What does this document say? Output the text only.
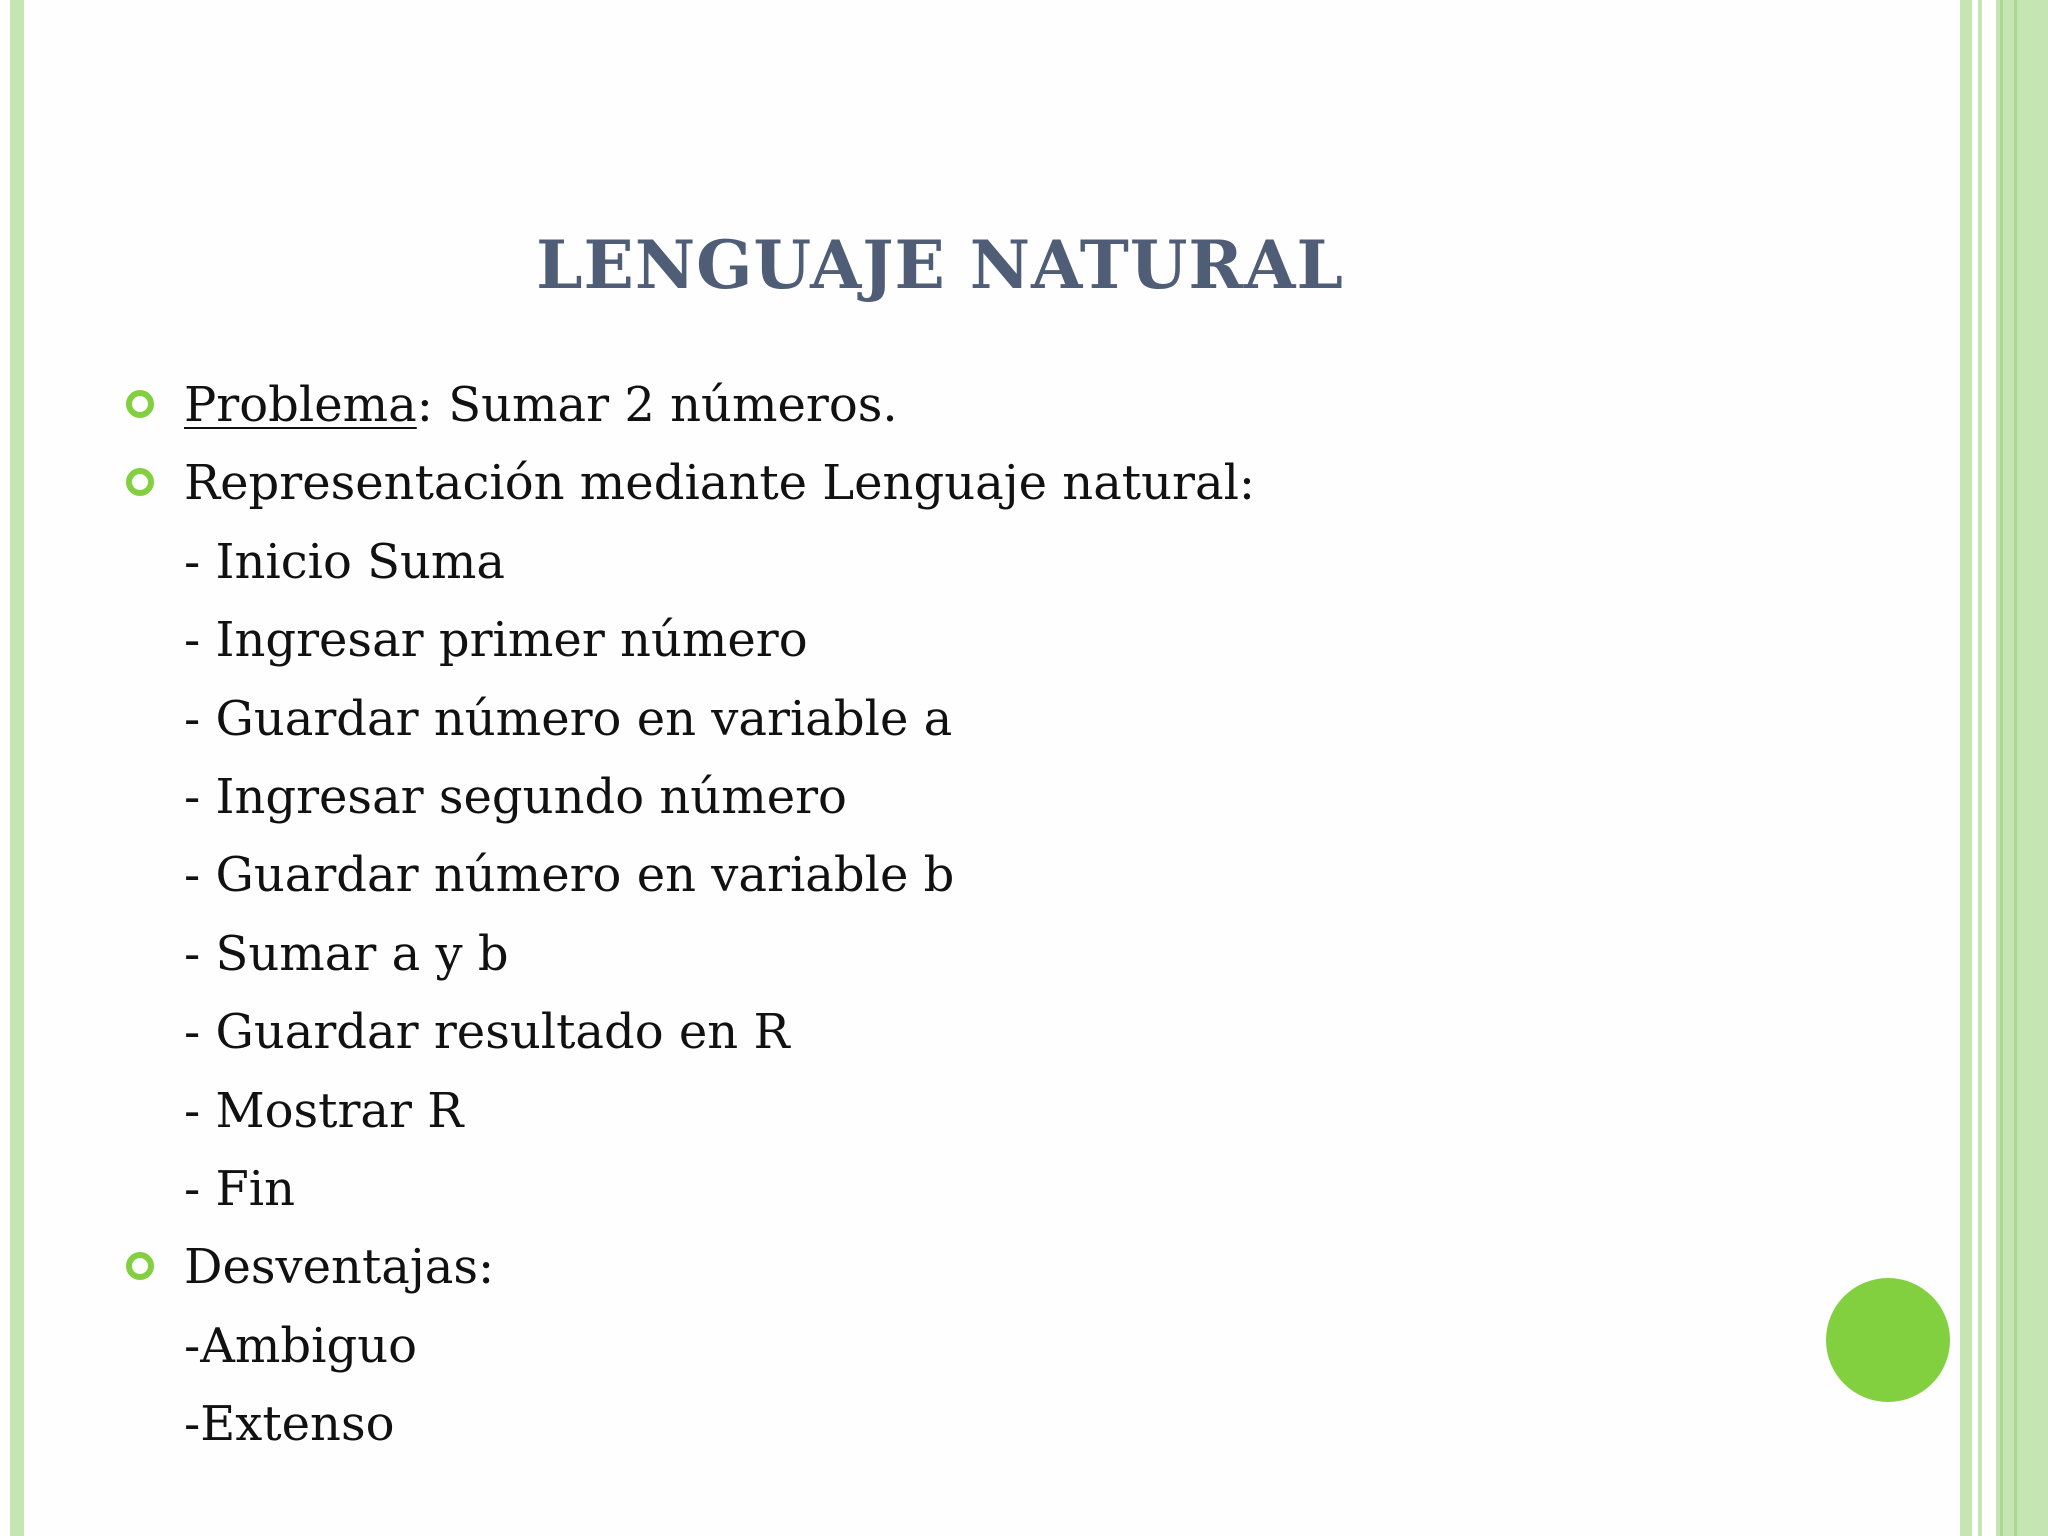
LENGUAJE NATURAL
Problema: Sumar 2 números.
Representación mediante Lenguaje natural:
- Inicio Suma
- Ingresar primer número
- Guardar número en variable a
- Ingresar segundo número
- Guardar número en variable b
- Sumar a y b
- Guardar resultado en R
- Mostrar R
- Fin
Desventajas:
-Ambiguo
-Extenso
